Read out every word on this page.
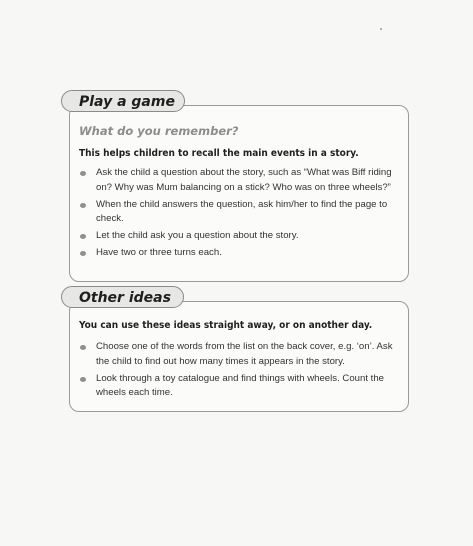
Play a game
What do you remember?
This helps children to recall the main events in a story.
Ask the child a question about the story, such as “What was Biff riding on? Why was Mum balancing on a stick? Who was on three wheels?”
When the child answers the question, ask him/her to find the page to check.
Let the child ask you a question about the story.
Have two or three turns each.
Other ideas
You can use these ideas straight away, or on another day.
Choose one of the words from the list on the back cover, e.g. ‘on’. Ask the child to find out how many times it appears in the story.
Look through a toy catalogue and find things with wheels. Count the wheels each time.
